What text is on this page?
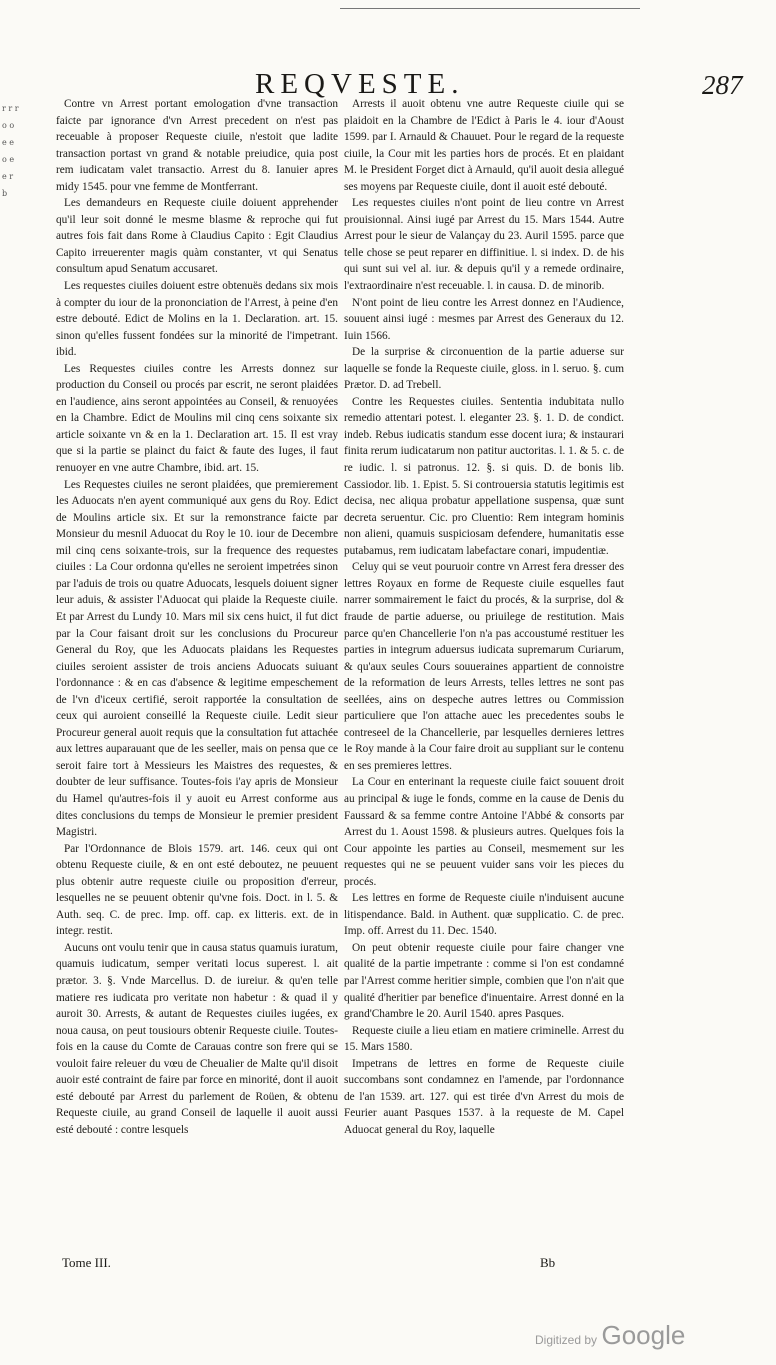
REQVESTE.	287
r r r o o e e o e e r b

Contre vn Arrest portant emologation d'vne transaction faicte par ignorance d'vn Arrest precedent on n'est pas receuable à proposer Requeste ciuile, n'estoit que ladite transaction portast vn grand & notable preiudice, quia post rem iudicatam valet transactio. Arrest du 8. Ianuier apres midy 1545. pour vne femme de Montferrant.

Les demandeurs en Requeste ciuile doiuent apprehender qu'il leur soit donné le mesme blasme & reproche qui fut autres fois fait dans Rome à Claudius Capito : Egit Claudius Capito irreuerenter magis quàm constanter, vt qui Senatus consultum apud Senatum accusaret.

Les requestes ciuiles doiuent estre obtenuës dedans six mois à compter du iour de la prononciation de l'Arrest, à peine d'en estre debouté. Edict de Molins en la 1. Declaration. art. 15. sinon qu'elles fussent fondées sur la minorité de l'impetrant. ibid.

Les Requestes ciuiles contre les Arrests donnez sur production du Conseil ou procés par escrit, ne seront plaidées en l'audience, ains seront appointées au Conseil, & renuoyées en la Chambre. Edict de Moulins mil cinq cens soixante six article soixante vn & en la 1. Declaration art. 15. Il est vray que si la partie se plainct du faict & faute des Iuges, il faut renuoyer en vne autre Chambre, ibid. art. 15.

Les Requestes ciuiles ne seront plaidées, que premierement les Aduocats n'en ayent communiqué aux gens du Roy. Edict de Moulins article six. Et sur la remonstrance faicte par Monsieur du mesnil Aduocat du Roy le 10. iour de Decembre mil cinq cens soixante-trois, sur la frequence des requestes ciuiles : La Cour ordonna qu'elles ne seroient impetrées sinon par l'aduis de trois ou quatre Aduocats, lesquels doiuent signer leur aduis, & assister l'Aduocat qui plaide la Requeste ciuile. Et par Arrest du Lundy 10. Mars mil six cens huict, il fut dict par la Cour faisant droit sur les conclusions du Procureur General du Roy, que les Aduocats plaidans les Requestes ciuiles seroient assister de trois anciens Aduocats suiuant l'ordonnance : & en cas d'absence & legitime empeschement de l'vn d'iceux certifié, seroit rapportée la consultation de ceux qui auroient conseillé la Requeste ciuile. Ledit sieur Procureur general auoit requis que la consultation fut attachée aux lettres auparauant que de les seeller, mais on pensa que ce seroit faire tort à Messieurs les Maistres des requestes, & doubter de leur suffisance. Toutes-fois i'ay apris de Monsieur du Hamel qu'autres-fois il y auoit eu Arrest conforme aus dites conclusions du temps de Monsieur le premier president Magistri.

Par l'Ordonnance de Blois 1579. art. 146. ceux qui ont obtenu Requeste ciuile, & en ont esté deboutez, ne peuuent plus obtenir autre requeste ciuile ou proposition d'erreur, lesquelles ne se peuuent obtenir qu'vne fois. Doct. in l. 5. & Auth. seq. C. de prec. Imp. off. cap. ex litteris. ext. de in integr. restit.

Aucuns ont voulu tenir que in causa status quamuis iuratum, quamuis iudicatum, semper veritati locus superest. l. ait prætor. 3. §. Vnde Marcellus. D. de iureiur. & qu'en telle matiere res iudicata pro veritate non habetur : & quad il y auroit 30. Arrests, & autant de Requestes ciuiles iugées, ex noua causa, on peut tousiours obtenir Requeste ciuile. Toutes-fois en la cause du Comte de Carauas contre son frere qui se vouloit faire releuer du vœu de Cheualier de Malte qu'il disoit auoir esté contraint de faire par force en minorité, dont il auoit esté debouté par Arrest du parlement de Roüen, & obtenu Requeste ciuile, au grand Conseil de laquelle il auoit aussi esté debouté : contre lesquels

Arrests il auoit obtenu vne autre Requeste ciuile qui se plaidoit en la Chambre de l'Edict à Paris le 4. iour d'Aoust 1599. par I. Arnauld & Chauuet. Pour le regard de la requeste ciuile, la Cour mit les parties hors de procés. Et en plaidant M. le President Forget dict à Arnauld, qu'il auoit desia allegué ses moyens par Requeste ciuile, dont il auoit esté debouté.

Les requestes ciuiles n'ont point de lieu contre vn Arrest prouisionnal. Ainsi iugé par Arrest du 15. Mars 1544. Autre Arrest pour le sieur de Valançay du 23. Auril 1595. parce que telle chose se peut reparer en diffinitiue. l. si index. D. de his qui sunt sui vel al. iur. & depuis qu'il y a remede ordinaire, l'extraordinaire n'est receuable. l. in causa. D. de minorib.

N'ont point de lieu contre les Arrest donnez en l'Audience, souuent ainsi iugé : mesmes par Arrest des Generaux du 12. Iuin 1566.

De la surprise & circonuention de la partie aduerse sur laquelle se fonde la Requeste ciuile, gloss. in l. seruo. §. cum Prætor. D. ad Trebell.

Contre les Requestes ciuiles. Sententia indubitata nullo remedio attentari potest. l. eleganter 23. §. 1. D. de condict. indeb. Rebus iudicatis standum esse docent iura; & instaurari finita rerum iudicatarum non patitur auctoritas. l. 1. & 5. c. de re iudic. l. si patronus. 12. §. si quis. D. de bonis lib. Cassiodor. lib. 1. Epist. 5. Si controuersia statutis legitimis est decisa, nec aliqua probatur appellatione suspensa, quæ sunt decreta seruentur. Cic. pro Cluentio: Rem integram hominis non alieni, quamuis suspiciosam defendere, humanitatis esse putabamus, rem iudicatam labefactare conari, impudentiæ.

Celuy qui se veut pouruoir contre vn Arrest fera dresser des lettres Royaux en forme de Requeste ciuile esquelles faut narrer sommairement le faict du procés, & la surprise, dol & fraude de partie aduerse, ou priuilege de restitution. Mais parce qu'en Chancellerie l'on n'a pas accoustumé restituer les parties in integrum aduersus iudicata supremarum Curiarum, & qu'aux seules Cours souueraines appartient de connoistre de la reformation de leurs Arrests, telles lettres ne sont pas seellées, ains on despeche autres lettres ou Commission particuliere que l'on attache auec les precedentes soubs le contreseel de la Chancellerie, par lesquelles dernieres lettres le Roy mande à la Cour faire droit au suppliant sur le contenu en ses premieres lettres.

La Cour en enterinant la requeste ciuile faict souuent droit au principal & iuge le fonds, comme en la cause de Denis du Faussard & sa femme contre Antoine l'Abbé & consorts par Arrest du 1. Aoust 1598. & plusieurs autres. Quelques fois la Cour appointe les parties au Conseil, mesmement sur les requestes qui ne se peuuent vuider sans voir les pieces du procés.

Les lettres en forme de Requeste ciuile n'induisent aucune litispendance. Bald. in Authent. quæ supplicatio. C. de prec. Imp. off. Arrest du 11. Dec. 1540.

On peut obtenir requeste ciuile pour faire changer vne qualité de la partie impetrante : comme si l'on est condamné par l'Arrest comme heritier simple, combien que l'on n'ait que qualité d'heritier par benefice d'inuentaire. Arrest donné en la grand'Chambre le 20. Auril 1540. apres Pasques.

Requeste ciuile a lieu etiam en matiere criminelle. Arrest du 15. Mars 1580.

Impetrans de lettres en forme de Requeste ciuile succombans sont condamnez en l'amende, par l'ordonnance de l'an 1539. art. 127. qui est tirée d'vn Arrest du mois de Feurier auant Pasques 1537. à la requeste de M. Capel Aduocat general du Roy, laquelle

Tome III.	Bb
Digitized by Google
